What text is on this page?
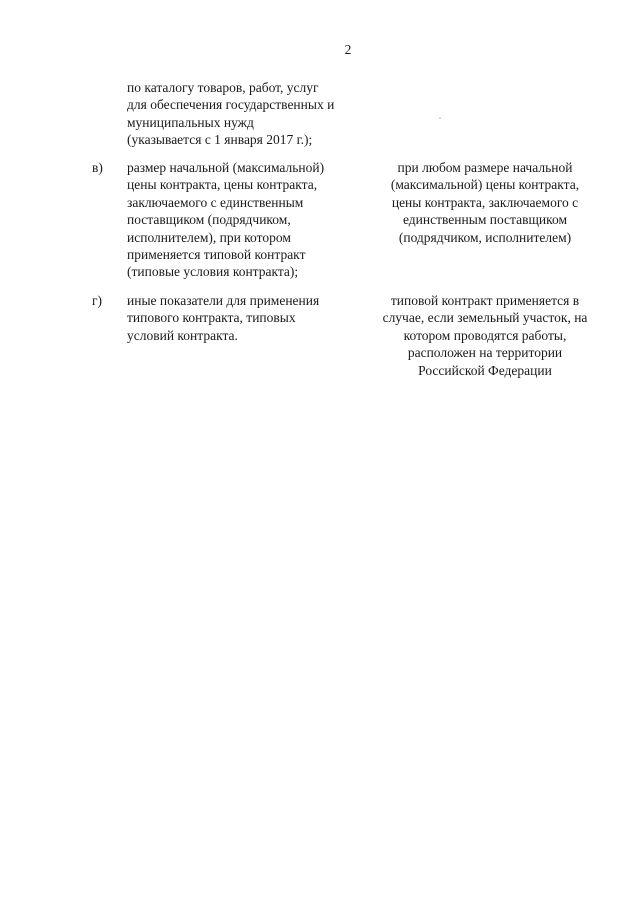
2
по каталогу товаров, работ, услуг
для обеспечения государственных и
муниципальных нужд
(указывается с 1 января 2017 г.);
в) размер начальной (максимальной)
цены контракта, цены контракта,
заключаемого с единственным
поставщиком (подрядчиком,
исполнителем), при котором
применяется типовой контракт
(типовые условия контракта);
при любом размере начальной
(максимальной) цены контракта,
цены контракта, заключаемого с
единственным поставщиком
(подрядчиком, исполнителем)
г) иные показатели для применения
типового контракта, типовых
условий контракта.
типовой контракт применяется в
случае, если земельный участок, на
котором проводятся работы,
расположен на территории
Российской Федерации
